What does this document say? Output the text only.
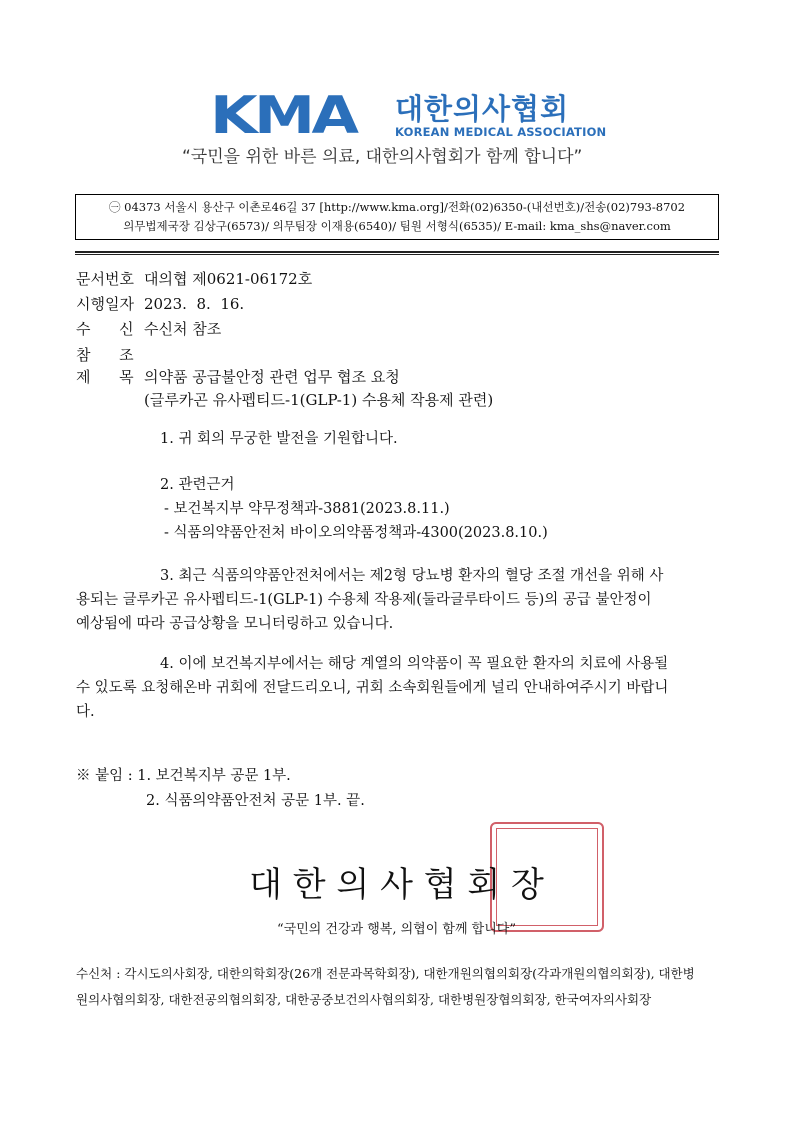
KMA	대한의사협회
KOREAN MEDICAL ASSOCIATION
“국민을 위한 바른 의료, 대한의사협회가 함께 합니다”
㊀ 04373 서울시 용산구 이촌로46길 37 [http://www.kma.org]/전화(02)6350-(내선번호)/전송(02)793-8702
의무법제국장 김상구(6573)/ 의무팀장 이재용(6540)/ 팀원 서형식(6535)/ E-mail: kma_shs@naver.com
문서번호 대의협 제0621-06172호
시행일자 2023.  8.  16.
수      신 수신처 참조
참      조
제      목 의약품 공급불안정 관련 업무 협조 요청
(글루카곤 유사펩티드-1(GLP-1) 수용체 작용제 관련)
1. 귀 회의 무궁한 발전을 기원합니다.
2. 관련근거
- 보건복지부 약무정책과-3881(2023.8.11.)
- 식품의약품안전처 바이오의약품정책과-4300(2023.8.10.)
3. 최근 식품의약품안전처에서는 제2형 당뇨병 환자의 혈당 조절 개선을 위해 사
용되는 글루카곤 유사펩티드-1(GLP-1) 수용체 작용제(둘라글루타이드 등)의 공급 불안정이
예상됨에 따라 공급상황을 모니터링하고 있습니다.
4. 이에 보건복지부에서는 해당 계열의 의약품이 꼭 필요한 환자의 치료에 사용될
수 있도록 요청해온바 귀회에 전달드리오니, 귀회 소속회원들에게 널리 안내하여주시기 바랍니
다.
※ 붙임 : 1. 보건복지부 공문 1부.
2. 식품의약품안전처 공문 1부. 끝.
대 한 의 사 협 회 장
“국민의 건강과 행복, 의협이 함께 합니다”
수신처 : 각시도의사회장, 대한의학회장(26개 전문과목학회장), 대한개원의협의회장(각과개원의협의회장), 대한병
원의사협의회장, 대한전공의협의회장, 대한공중보건의사협의회장, 대한병원장협의회장, 한국여자의사회장
